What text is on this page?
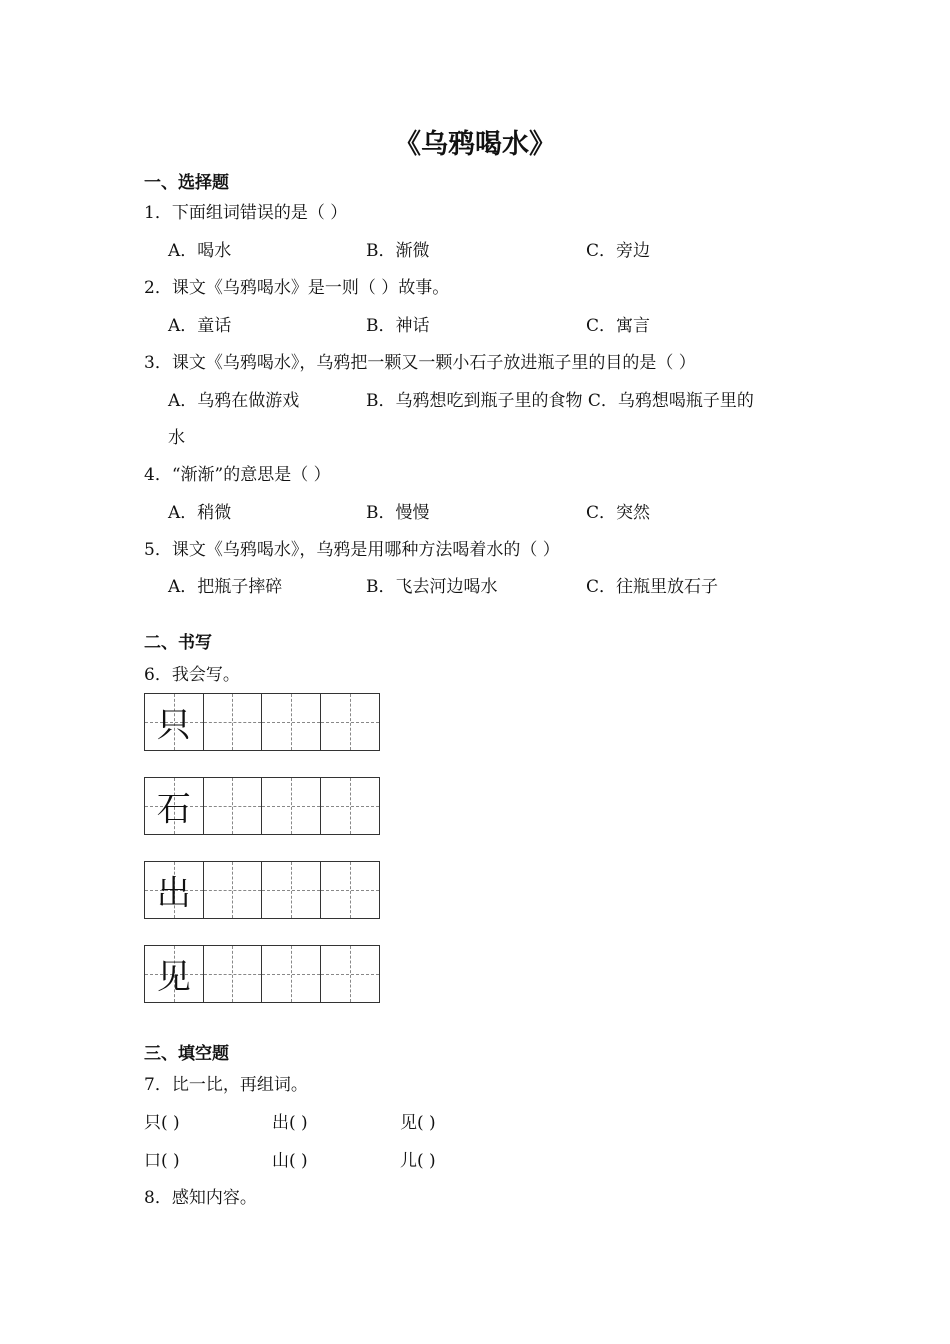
《乌鸦喝水》
一、选择题
1．下面组词错误的是（ ）
A．喝水	B．渐微	C．旁边
2．课文《乌鸦喝水》是一则（ ）故事。
A．童话	B．神话	C．寓言
3．课文《乌鸦喝水》，乌鸦把一颗又一颗小石子放进瓶子里的目的是（ ）
A．乌鸦在做游戏	B．乌鸦想吃到瓶子里的食物 C．乌鸦想喝瓶子里的
水
4．“渐渐”的意思是（ ）
A．稍微	B．慢慢	C．突然
5．课文《乌鸦喝水》，乌鸦是用哪种方法喝着水的（ ）
A．把瓶子摔碎	B．飞去河边喝水	C．往瓶里放石子
二、书写
6．我会写。
只
石
出
见
三、填空题
7．比一比，再组词。
只( )	出( )	见( )
口( )	山( )	儿( )
8．感知内容。
